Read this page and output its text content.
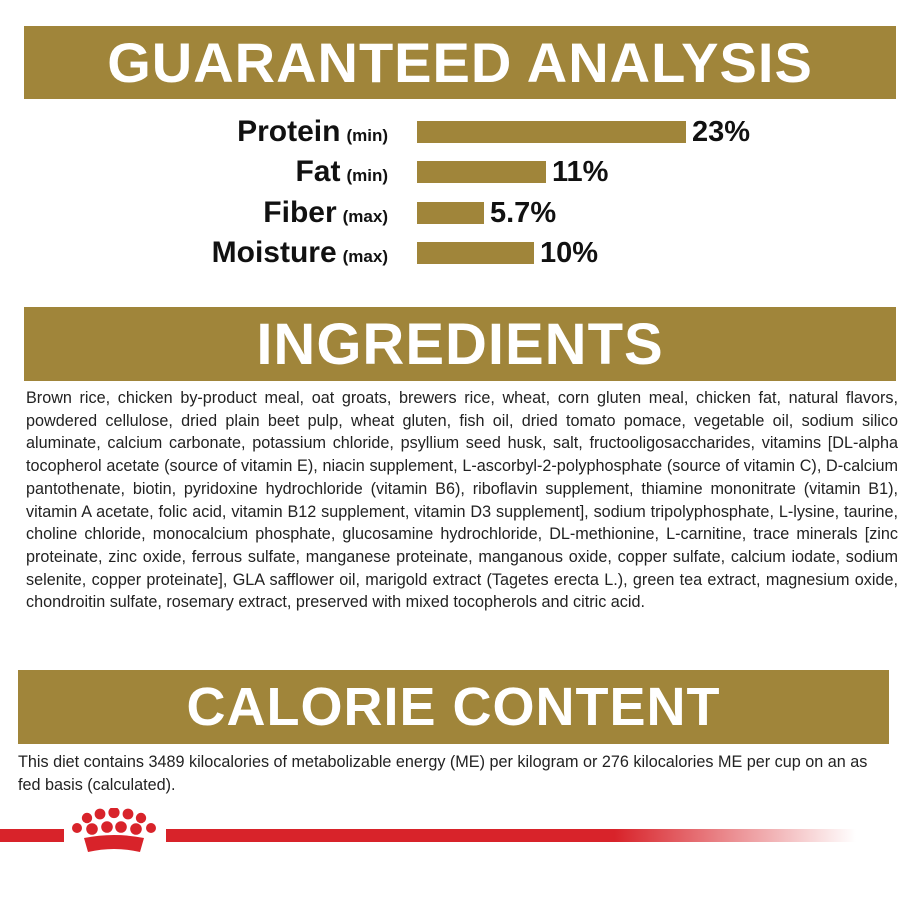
GUARANTEED ANALYSIS
Protein (min)	23%
Fat (min)	11%
Fiber (max)	5.7%
Moisture (max)	10%
INGREDIENTS
Brown rice, chicken by-product meal, oat groats, brewers rice, wheat, corn gluten meal, chicken fat, natural flavors, powdered cellulose, dried plain beet pulp, wheat gluten, fish oil, dried tomato pomace, vegetable oil, sodium silico aluminate, calcium carbonate, potassium chloride, psyllium seed husk, salt, fructooligosaccharides, vitamins [DL-alpha tocopherol acetate (source of vitamin E), niacin supplement, L-ascorbyl-2-polyphosphate (source of vitamin C), D-calcium pantothenate, biotin, pyridoxine hydrochloride (vitamin B6), riboflavin supplement, thiamine mononitrate (vitamin B1), vitamin A acetate, folic acid, vitamin B12 supplement, vitamin D3 supplement], sodium tripolyphosphate, L-lysine, taurine, choline chloride, monocalcium phosphate, glucosamine hydrochloride, DL-methionine, L-carnitine, trace minerals [zinc proteinate, zinc oxide, ferrous sulfate, manganese proteinate, manganous oxide, copper sulfate, calcium iodate, sodium selenite, copper proteinate], GLA safflower oil, marigold extract (Tagetes erecta L.), green tea extract, magnesium oxide, chondroitin sulfate, rosemary extract, preserved with mixed tocopherols and citric acid.
CALORIE CONTENT
This diet contains 3489 kilocalories of metabolizable energy (ME) per kilogram or 276 kilocalories ME per cup on an as fed basis (calculated).
